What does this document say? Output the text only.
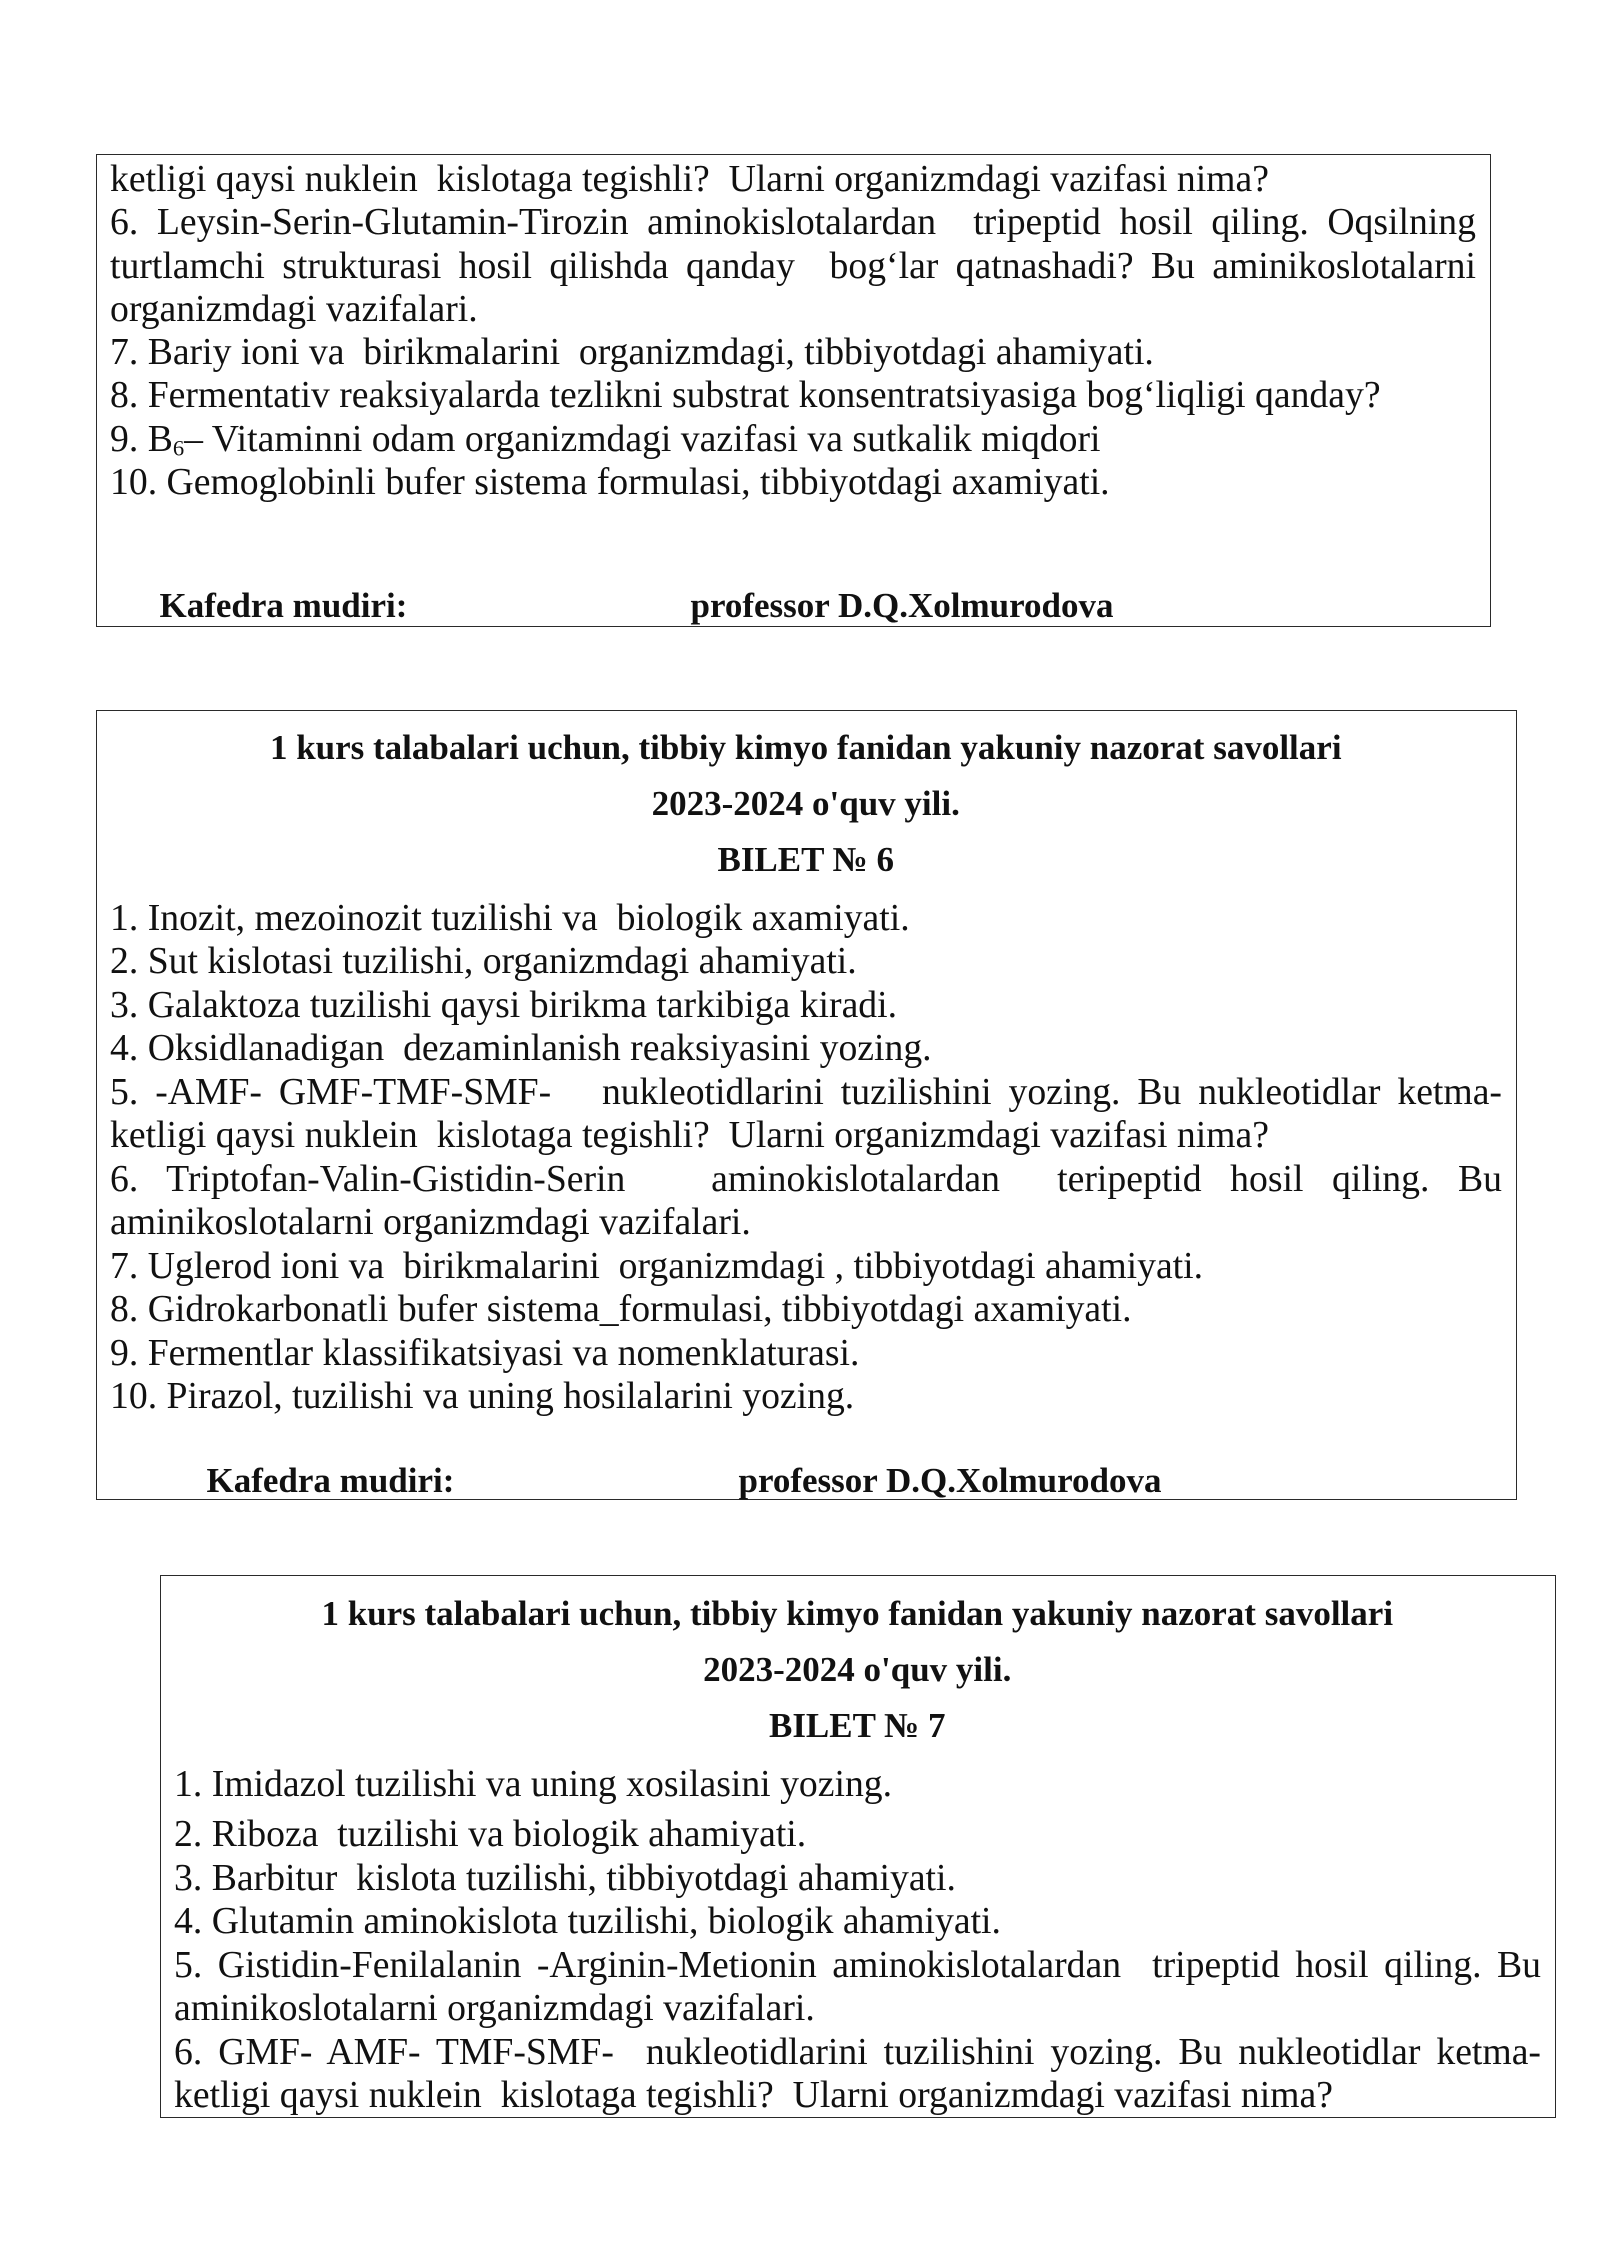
ketligi qaysi nuklein  kislotaga tegishli?  Ularni organizmdagi vazifasi nima?
6. Leysin-Serin-Glutamin-Tirozin aminokislotalardan  tripeptid hosil qiling. Oqsilning
turtlamchi strukturasi hosil qilishda qanday  bog‘lar qatnashadi? Bu aminikoslotalarni
organizmdagi vazifalari.
7. Bariy ioni va  birikmalarini  organizmdagi, tibbiyotdagi ahamiyati.
8. Fermentativ reaksiyalarda tezlikni substrat konsentratsiyasiga bog‘liqligi qanday?
9. $B_6-$ Vitaminni odam organizmdagi vazifasi va sutkalik miqdori
10. Gemoglobinli bufer sistema formulasi, tibbiyotdagi axamiyati.
Kafedra mudiri:	professor D.Q.Xolmurodova
1 kurs talabalari uchun, tibbiy kimyo fanidan yakuniy nazorat savollari
2023-2024 o'quv yili.
BILET № 6
1. Inozit, mezoinozit tuzilishi va  biologik axamiyati.
2. Sut kislotasi tuzilishi, organizmdagi ahamiyati.
3. Galaktoza tuzilishi qaysi birikma tarkibiga kiradi.
4. Oksidlanadigan  dezaminlanish reaksiyasini yozing.
5. -AMF- GMF-TMF-SMF-   nukleotidlarini tuzilishini yozing. Bu nukleotidlar ketma-
ketligi qaysi nuklein  kislotaga tegishli?  Ularni organizmdagi vazifasi nima?
6. Triptofan-Valin-Gistidin-Serin   aminokislotalardan  teripeptid hosil qiling. Bu
aminikoslotalarni organizmdagi vazifalari.
7. Uglerod ioni va  birikmalarini  organizmdagi , tibbiyotdagi ahamiyati.
8. Gidrokarbonatli bufer sistema_formulasi, tibbiyotdagi axamiyati.
9. Fermentlar klassifikatsiyasi va nomenklaturasi.
10. Pirazol, tuzilishi va uning hosilalarini yozing.
Kafedra mudiri:	professor D.Q.Xolmurodova
1 kurs talabalari uchun, tibbiy kimyo fanidan yakuniy nazorat savollari
2023-2024 o'quv yili.
BILET № 7
1. Imidazol tuzilishi va uning xosilasini yozing.
2. Riboza  tuzilishi va biologik ahamiyati.
3. Barbitur  kislota tuzilishi, tibbiyotdagi ahamiyati.
4. Glutamin aminokislota tuzilishi, biologik ahamiyati.
5. Gistidin-Fenilalanin -Arginin-Metionin aminokislotalardan  tripeptid hosil qiling. Bu
aminikoslotalarni organizmdagi vazifalari.
6. GMF- AMF- TMF-SMF-  nukleotidlarini tuzilishini yozing. Bu nukleotidlar ketma-
ketligi qaysi nuklein  kislotaga tegishli?  Ularni organizmdagi vazifasi nima?
